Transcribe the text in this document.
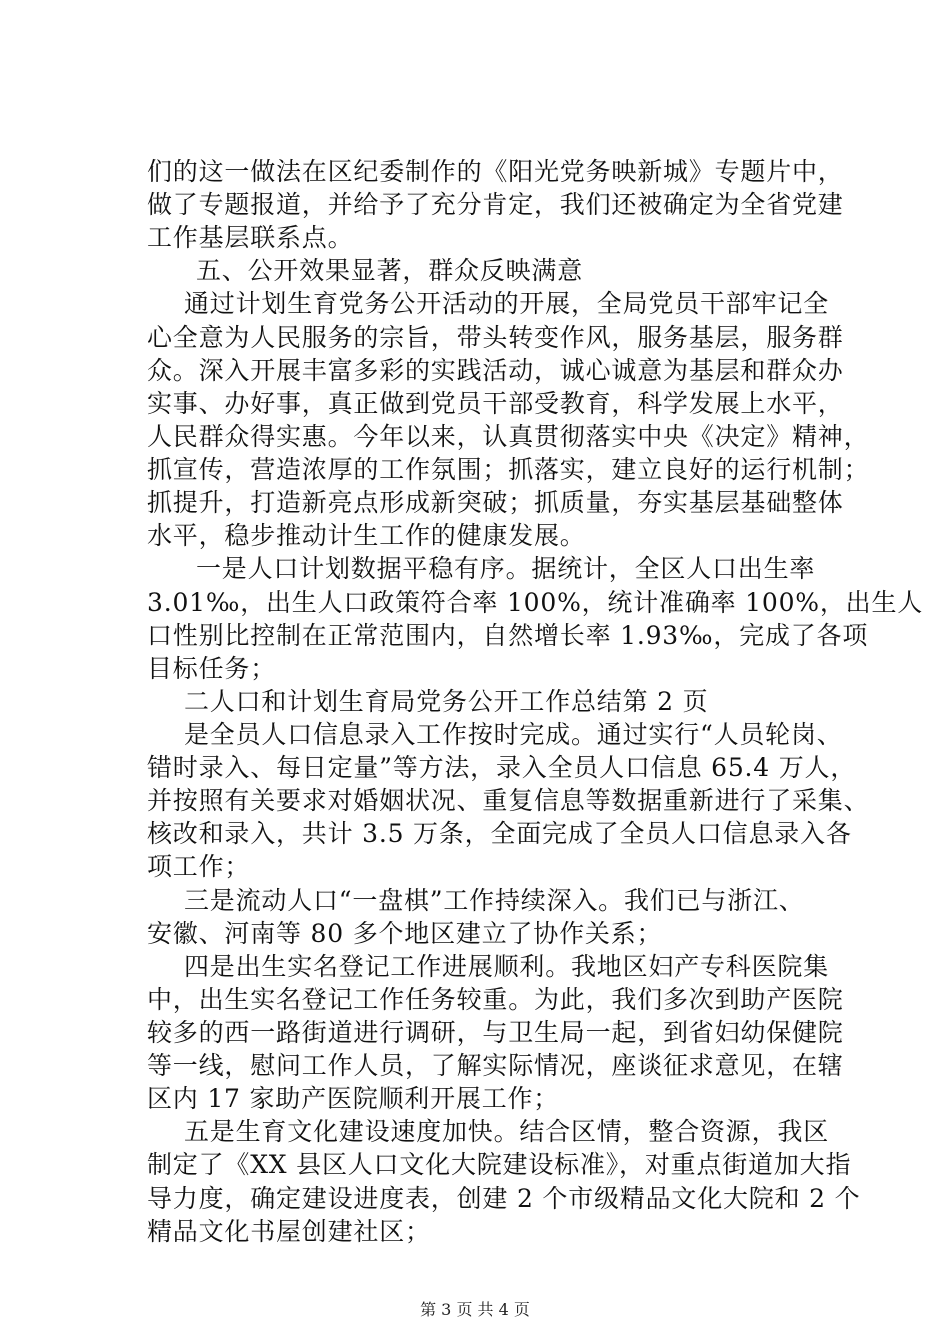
们的这一做法在区纪委制作的《阳光党务映新城》专题片中，
做了专题报道，并给予了充分肯定，我们还被确定为全省党建
工作基层联系点。
五、公开效果显著，群众反映满意
通过计划生育党务公开活动的开展，全局党员干部牢记全
心全意为人民服务的宗旨，带头转变作风，服务基层，服务群
众。深入开展丰富多彩的实践活动，诚心诚意为基层和群众办
实事、办好事，真正做到党员干部受教育，科学发展上水平，
人民群众得实惠。今年以来，认真贯彻落实中央《决定》精神，
抓宣传，营造浓厚的工作氛围；抓落实，建立良好的运行机制；
抓提升，打造新亮点形成新突破；抓质量，夯实基层基础整体
水平，稳步推动计生工作的健康发展。
一是人口计划数据平稳有序。据统计，全区人口出生率
3.01‰，出生人口政策符合率 100%，统计准确率 100%，出生人
口性别比控制在正常范围内，自然增长率 1.93‰，完成了各项
目标任务；
二人口和计划生育局党务公开工作总结第 2 页
是全员人口信息录入工作按时完成。通过实行“人员轮岗、
错时录入、每日定量”等方法，录入全员人口信息 65.4 万人，
并按照有关要求对婚姻状况、重复信息等数据重新进行了采集、
核改和录入，共计 3.5 万条，全面完成了全员人口信息录入各
项工作；
三是流动人口“一盘棋”工作持续深入。我们已与浙江、
安徽、河南等 80 多个地区建立了协作关系；
四是出生实名登记工作进展顺利。我地区妇产专科医院集
中，出生实名登记工作任务较重。为此，我们多次到助产医院
较多的西一路街道进行调研，与卫生局一起，到省妇幼保健院
等一线，慰问工作人员，了解实际情况，座谈征求意见，在辖
区内 17 家助产医院顺利开展工作；
五是生育文化建设速度加快。结合区情，整合资源，我区
制定了《XX 县区人口文化大院建设标准》，对重点街道加大指
导力度，确定建设进度表，创建 2 个市级精品文化大院和 2 个
精品文化书屋创建社区；
第 3 页 共 4 页
